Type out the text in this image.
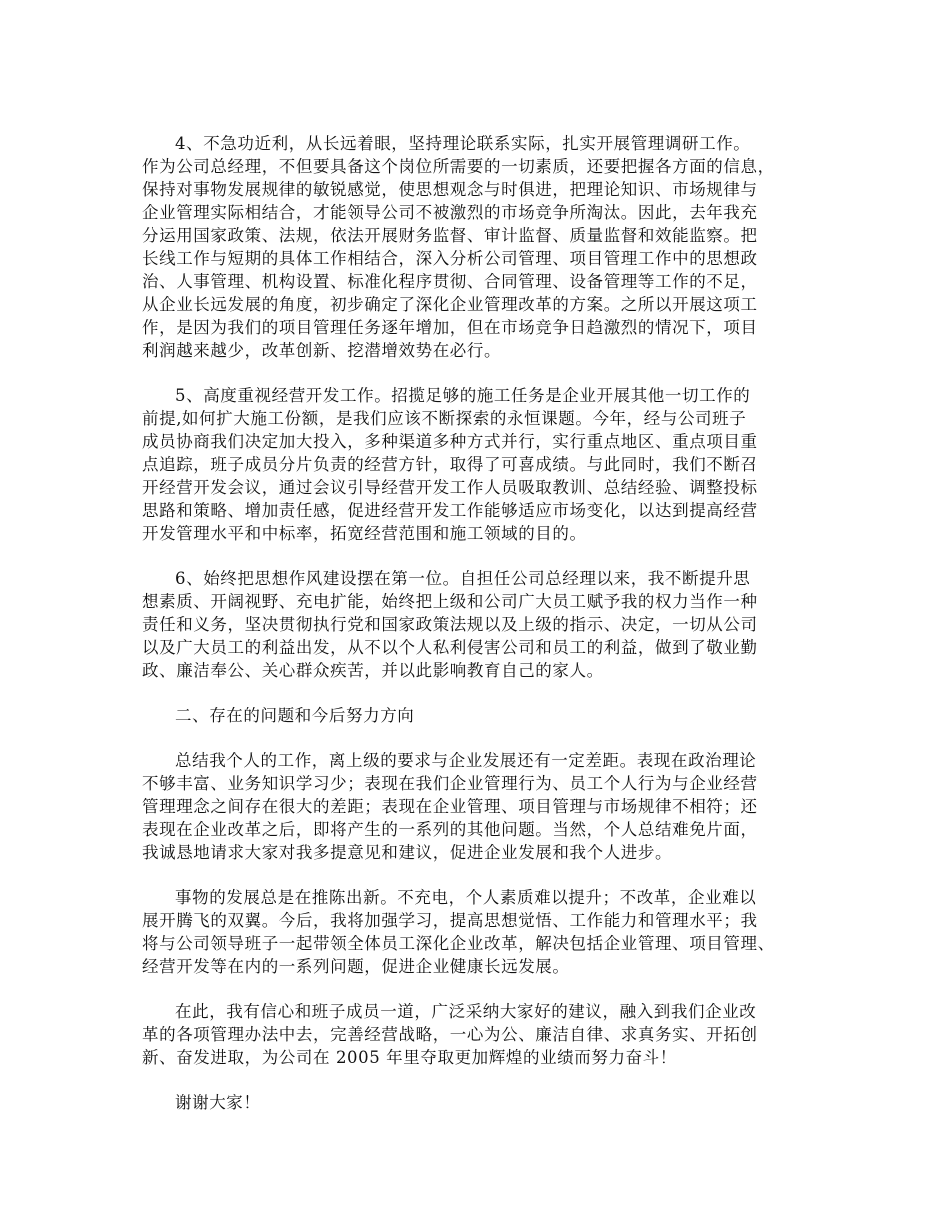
4、不急功近利，从长远着眼，坚持理论联系实际，扎实开展管理调研工作。
作为公司总经理，不但要具备这个岗位所需要的一切素质，还要把握各方面的信息，
保持对事物发展规律的敏锐感觉，使思想观念与时俱进，把理论知识、市场规律与
企业管理实际相结合，才能领导公司不被激烈的市场竞争所淘汰。因此，去年我充
分运用国家政策、法规，依法开展财务监督、审计监督、质量监督和效能监察。把
长线工作与短期的具体工作相结合，深入分析公司管理、项目管理工作中的思想政
治、人事管理、机构设置、标准化程序贯彻、合同管理、设备管理等工作的不足，
从企业长远发展的角度，初步确定了深化企业管理改革的方案。之所以开展这项工
作，是因为我们的项目管理任务逐年增加，但在市场竞争日趋激烈的情况下，项目
利润越来越少，改革创新、挖潜增效势在必行。

5、高度重视经营开发工作。招揽足够的施工任务是企业开展其他一切工作的
前提,如何扩大施工份额，是我们应该不断探索的永恒课题。今年，经与公司班子
成员协商我们决定加大投入，多种渠道多种方式并行，实行重点地区、重点项目重
点追踪，班子成员分片负责的经营方针，取得了可喜成绩。与此同时，我们不断召
开经营开发会议，通过会议引导经营开发工作人员吸取教训、总结经验、调整投标
思路和策略、增加责任感，促进经营开发工作能够适应市场变化，以达到提高经营
开发管理水平和中标率，拓宽经营范围和施工领域的目的。

6、始终把思想作风建设摆在第一位。自担任公司总经理以来，我不断提升思
想素质、开阔视野、充电扩能，始终把上级和公司广大员工赋予我的权力当作一种
责任和义务，坚决贯彻执行党和国家政策法规以及上级的指示、决定，一切从公司
以及广大员工的利益出发，从不以个人私利侵害公司和员工的利益，做到了敬业勤
政、廉洁奉公、关心群众疾苦，并以此影响教育自己的家人。

二、存在的问题和今后努力方向

总结我个人的工作，离上级的要求与企业发展还有一定差距。表现在政治理论
不够丰富、业务知识学习少；表现在我们企业管理行为、员工个人行为与企业经营
管理理念之间存在很大的差距；表现在企业管理、项目管理与市场规律不相符；还
表现在企业改革之后，即将产生的一系列的其他问题。当然，个人总结难免片面，
我诚恳地请求大家对我多提意见和建议，促进企业发展和我个人进步。

事物的发展总是在推陈出新。不充电，个人素质难以提升；不改革，企业难以
展开腾飞的双翼。今后，我将加强学习，提高思想觉悟、工作能力和管理水平；我
将与公司领导班子一起带领全体员工深化企业改革，解决包括企业管理、项目管理、
经营开发等在内的一系列问题，促进企业健康长远发展。

在此，我有信心和班子成员一道，广泛采纳大家好的建议，融入到我们企业改
革的各项管理办法中去，完善经营战略，一心为公、廉洁自律、求真务实、开拓创
新、奋发进取，为公司在 2005 年里夺取更加辉煌的业绩而努力奋斗！

谢谢大家！
